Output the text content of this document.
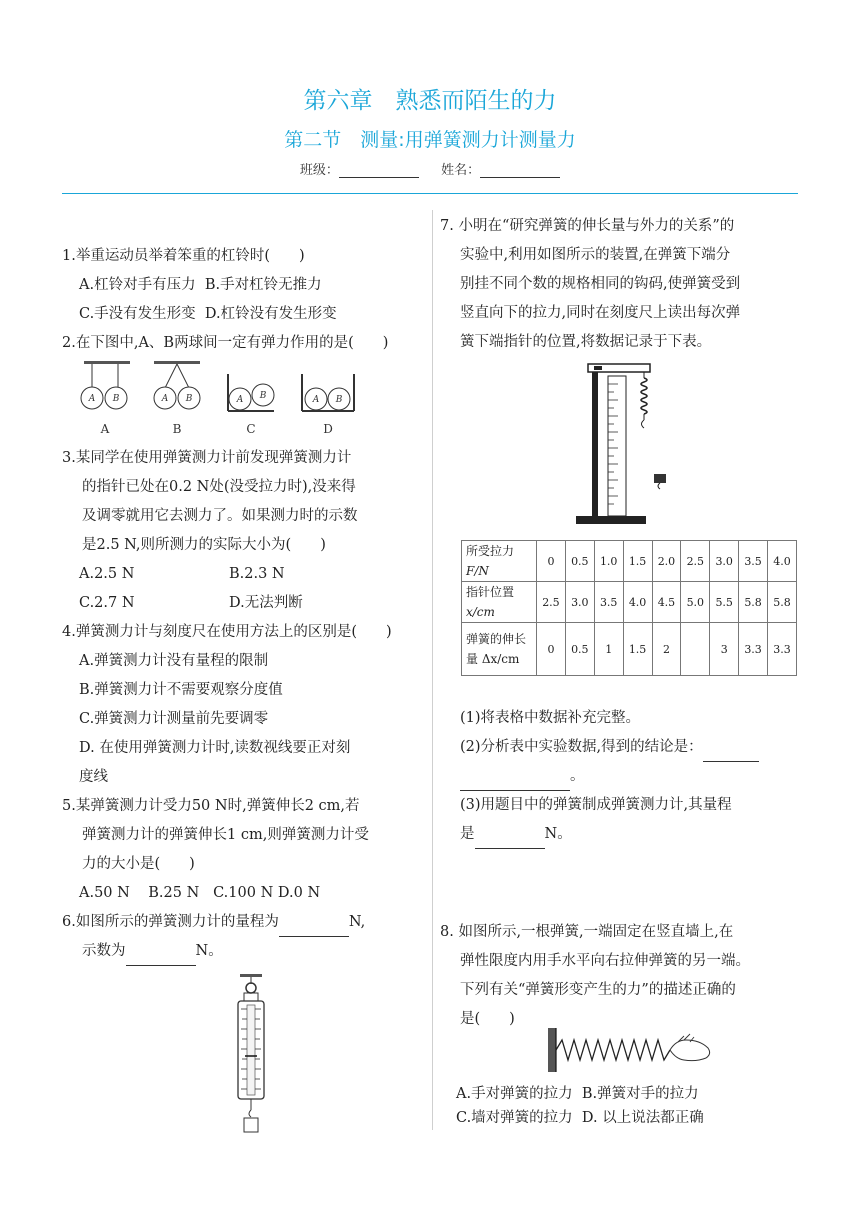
第六章　熟悉而陌生的力
第二节　测量:用弹簧测力计测量力
班级：	姓名：

1.举重运动员举着笨重的杠铃时(　　)

A.杠铃对手有压力 B.手对杠铃无推力

C.手没有发生形变 D.杠铃没有发生形变

2.在下图中,A、B两球间一定有弹力作用的是(　　)

A B	A B	A B	A B
A	B	C	D

3.某同学在使用弹簧测力计前发现弹簧测力计

的指针已处在0.2 N处(没受拉力时),没来得

及调零就用它去测力了。如果测力时的示数

是2.5 N,则所测力的实际大小为(　　)

A.2.5 N	B.2.3 N

C.2.7 N	D.无法判断

4.弹簧测力计与刻度尺在使用方法上的区别是(　　)

A.弹簧测力计没有量程的限制

B.弹簧测力计不需要观察分度值

C.弹簧测力计测量前先要调零

D. 在使用弹簧测力计时,读数视线要正对刻

度线

5.某弹簧测力计受力50 N时,弹簧伸长2 cm,若

弹簧测力计的弹簧伸长1 cm,则弹簧测力计受

力的大小是(　　)

A.50 N B.25 N C.100 N D.0 N

6.如图所示的弹簧测力计的量程为	N,

示数为	N。

7. 小明在“研究弹簧的伸长量与外力的关系”的

实验中,利用如图所示的装置,在弹簧下端分

别挂不同个数的规格相同的钩码,使弹簧受到

竖直向下的拉力,同时在刻度尺上读出每次弹

簧下端指针的位置,将数据记录于下表。

所受拉力
F/N	0	0.5	1.0	1.5	2.0	2.5	3.0	3.5	4.0

指针位置
x/cm	2.5	3.0	3.5	4.0	4.5	5.0	5.5	5.8	5.8

弹簧的伸长
量 Δx/cm	0	0.5	1	1.5	2		3	3.3	3.3

(1)将表格中数据补充完整。

(2)分析表中实验数据,得到的结论是：

。

(3)用题目中的弹簧制成弹簧测力计,其量程

是	N。

8. 如图所示,一根弹簧,一端固定在竖直墙上,在

弹性限度内用手水平向右拉伸弹簧的另一端。

下列有关“弹簧形变产生的力”的描述正确的

是(　　)

A.手对弹簧的拉力 B.弹簧对手的拉力

C.墙对弹簧的拉力 D. 以上说法都正确
